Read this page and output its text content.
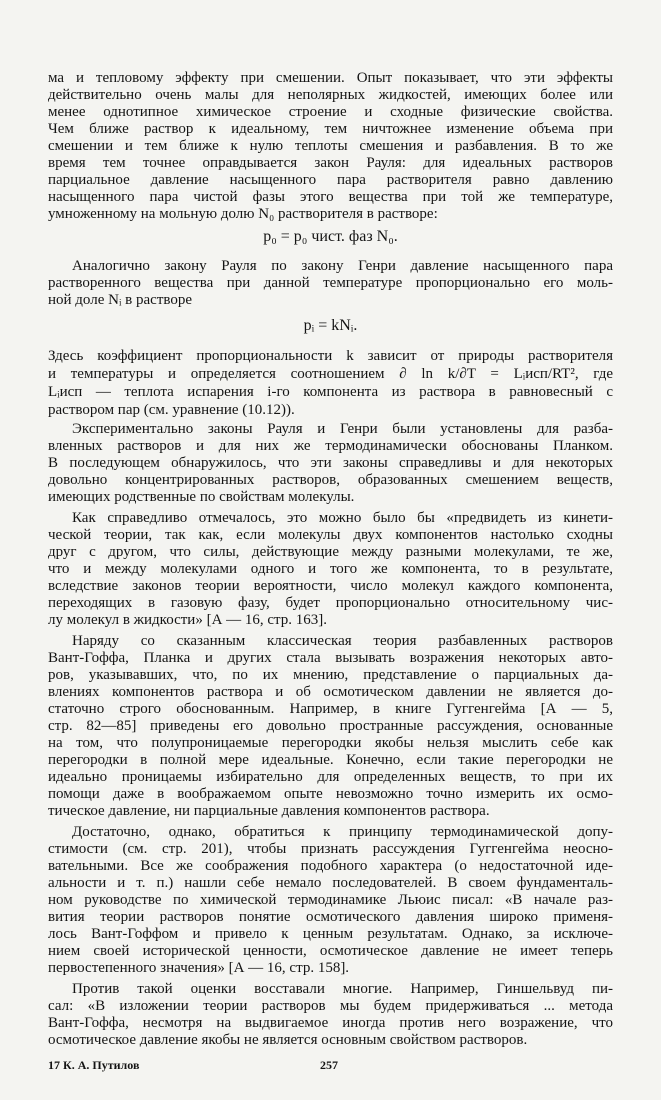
ма и тепловому эффекту при смешении. Опыт показывает, что эти эффекты
действительно очень малы для неполярных жидкостей, имеющих более или
менее однотипное химическое строение и сходные физические свойства.
Чем ближе раствор к идеальному, тем ничтожнее изменение объема при
смешении и тем ближе к нулю теплоты смешения и разбавления. В то же
время тем точнее оправдывается закон Рауля: для идеальных растворов
парциальное давление насыщенного пара растворителя равно давлению
насыщенного пара чистой фазы этого вещества при той же температуре,
умноженному на мольную долю N₀ растворителя в растворе:
p₀ = p₀ чист. фаз N₀.
Аналогично закону Рауля по закону Генри давление насыщенного пара
растворенного вещества при данной температуре пропорционально его моль-
ной доле Nᵢ в растворе
pᵢ = kNᵢ.
Здесь коэффициент пропорциональности k зависит от природы растворителя
и температуры и определяется соотношением ∂ ln k/∂T = Lᵢисп/RT², где
Lᵢисп — теплота испарения i-го компонента из раствора в равновесный с
раствором пар (см. уравнение (10.12)).
Экспериментально законы Рауля и Генри были установлены для разба-
вленных растворов и для них же термодинамически обоснованы Планком.
В последующем обнаружилось, что эти законы справедливы и для некоторых
довольно концентрированных растворов, образованных смешением веществ,
имеющих родственные по свойствам молекулы.
Как справедливо отмечалось, это можно было бы «предвидеть из кинети-
ческой теории, так как, если молекулы двух компонентов настолько сходны
друг с другом, что силы, действующие между разными молекулами, те же,
что и между молекулами одного и того же компонента, то в результате,
вследствие законов теории вероятности, число молекул каждого компонента,
переходящих в газовую фазу, будет пропорционально относительному чис-
лу молекул в жидкости» [А — 16, стр. 163].
Наряду со сказанным классическая теория разбавленных растворов
Вант-Гоффа, Планка и других стала вызывать возражения некоторых авто-
ров, указывавших, что, по их мнению, представление о парциальных да-
влениях компонентов раствора и об осмотическом давлении не является до-
статочно строго обоснованным. Например, в книге Гуггенгейма [А — 5,
стр. 82—85] приведены его довольно пространные рассуждения, основанные
на том, что полупроницаемые перегородки якобы нельзя мыслить себе как
перегородки в полной мере идеальные. Конечно, если такие перегородки не
идеально проницаемы избирательно для определенных веществ, то при их
помощи даже в воображаемом опыте невозможно точно измерить их осмо-
тическое давление, ни парциальные давления компонентов раствора.
Достаточно, однако, обратиться к принципу термодинамической допу-
стимости (см. стр. 201), чтобы признать рассуждения Гуггенгейма неосно-
вательными. Все же соображения подобного характера (о недостаточной иде-
альности и т. п.) нашли себе немало последователей. В своем фундаменталь-
ном руководстве по химической термодинамике Льюис писал: «В начале раз-
вития теории растворов понятие осмотического давления широко применя-
лось Вант-Гоффом и привело к ценным результатам. Однако, за исключе-
нием своей исторической ценности, осмотическое давление не имеет теперь
первостепенного значения» [А — 16, стр. 158].
Против такой оценки восставали многие. Например, Гиншельвуд пи-
сал: «В изложении теории растворов мы будем придерживаться ... метода
Вант-Гоффа, несмотря на выдвигаемое иногда против него возражение, что
осмотическое давление якобы не является основным свойством растворов.
17 К. А. Путилов	257
